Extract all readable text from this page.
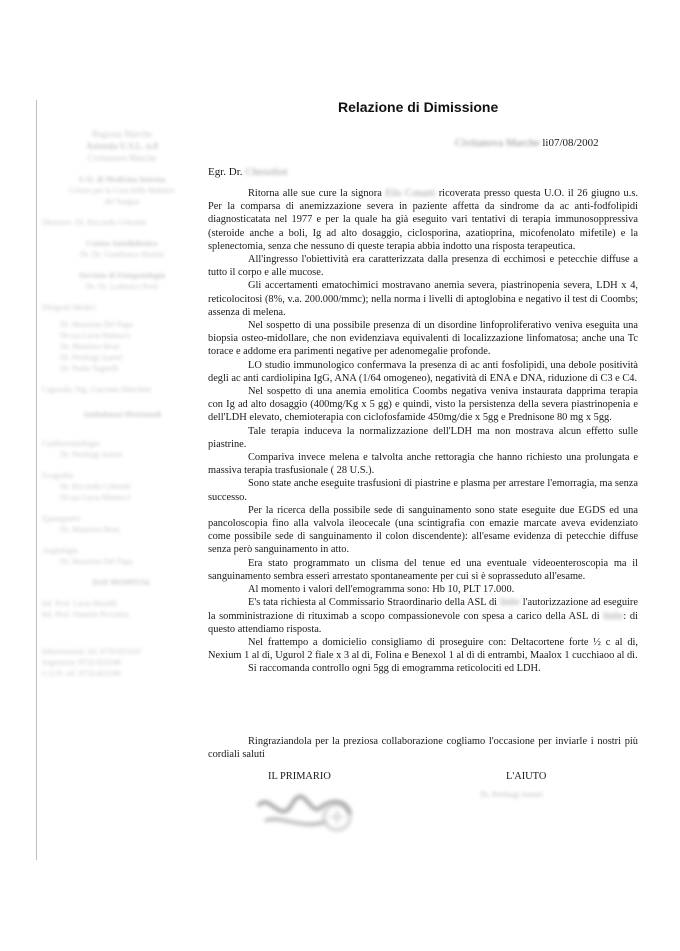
Regione Marche
Azienda U.S.L. n.8
Civitanova Marche
U.O. di Medicina Interna
Centro per la Cura delle Malattie
del Sangue
Direttore: Dr. Riccardo Ceferetti
Centro Antidiabetico
Dr. Dr. Gianfranco Bertini
Servizio di Fisiopatologia
Dr. Dr. Lodovico Porti
Dirigenti Medici
Dr. Massimo Del Papa
Dr.ssa Lucia Mattucci
Dr. Maurizio Brun
Dr. Pierluigi Aurori
Dr. Paolo Tognelli
Caposala: Sig. Giacomo Marchini
Ambulatori Divisionali
Cardioematologia
Dr. Pierluigi Aurori
Ecografia
Dr. Riccardo Ceferetti
Dr.ssa Lucia Mattucci
Epatogastro
Dr. Maurizio Brun
Angiologia
Dr. Massimo Del Papa
DAY HOSPITAL
Inf. Prof. Lucia Rinaldi
Inf. Prof. Daniela Piccinini
Informazioni: tel. 0733.823247
Segreteria: 0733.823248
C.U.P.: tel. 0733.823249
Relazione di Dimissione
Civitanova Marche li07/08/2002
Egr. Dr. Chesoliot

Ritorna alle sue cure la signora Elis Conani ricoverata presso questa U.O. il 26 giugno u.s. Per la comparsa di anemizzazione severa in paziente affetta da sindrome da ac anti-fodfolipidi diagnosticatata nel 1977 e per la quale ha già eseguito vari tentativi di terapia immunosoppressiva (steroide anche a boli, Ig ad alto dosaggio, ciclosporina, azatioprina, micofenolato mifetile) e la splenectomia, senza che nessuno di queste terapia abbia indotto una risposta terapeutica.

All'ingresso l'obiettività era caratterizzata dalla presenza di ecchimosi e petecchie diffuse a tutto il corpo e alle mucose.

Gli accertamenti ematochimici mostravano anemia severa, piastrinopenia severa, LDH x 4, reticolocitosi (8%, v.a. 200.000/mmc); nella norma i livelli di aptoglobina e negativo il test di Coombs; assenza di melena.

Nel sospetto di una possibile presenza di un disordine linfoproliferativo veniva eseguita una biopsia osteo-midollare, che non evidenziava equivalenti di localizzazione linfomatosa; anche una Tc torace e addome era parimenti negative per adenomegalie profonde.

LO studio immunologico confermava la presenza di ac anti fosfolipidi, una debole positività degli ac anti cardiolipina IgG, ANA (1/64 omogeneo), negatività di ENA e DNA, riduzione di C3 e C4.

Nel sospetto di una anemia emolitica Coombs negativa veniva instaurata dapprima terapia con Ig ad alto dosaggio (400mg/Kg x 5 gg) e quindi, visto la persistenza della severa piastrinopenia e dell'LDH elevato, chemioterapia con ciclofosfamide 450mg/die x 5gg e Prednisone 80 mg x 5gg.

Tale terapia induceva la normalizzazione dell'LDH ma non mostrava alcun effetto sulle piastrine.

Compariva invece melena e talvolta anche rettoragia che hanno richiesto una prolungata e massiva terapia trasfusionale ( 28 U.S.).

Sono state anche eseguite trasfusioni di piastrine e plasma per arrestare l'emorragia, ma senza successo.

Per la ricerca della possibile sede di sanguinamento sono state eseguite due EGDS ed una pancoloscopia fino alla valvola ileocecale (una scintigrafia con emazie marcate aveva evidenziato come possibile sede di sanguinamento il colon discendente): all'esame evidenza di petecchie diffuse senza però sanguinamento in atto.

Era stato programmato un clisma del tenue ed una eventuale videoenteroscopia ma il sanguinamento sembra esserì arrestato spontaneamente per cui si è soprasseduto all'esame.

Al momento i valori dell'emogramma sono: Hb 10, PLT 17.000.

E's tata richiesta al Commissario Straordinario della ASL di Imbr l'autorizzazione ad eseguire la somministrazione di rituximab a scopo compassionevole con spesa a carico della ASL di Imbr: di questo attendiamo risposta.

Nel frattempo a domicielio consigliamo di proseguire con: Deltacortene forte ½ c al dì, Nexium 1 al dì, Ugurol 2 fiale x 3 al dì, Folina e Benexol 1 al dì di entrambi, Maalox 1 cucchiaoo al dì.

Si raccomanda controllo ogni 5gg di emogramma reticolociti ed LDH.

Ringraziandola per la preziosa collaborazione cogliamo l'occasione per inviarle i nostri più cordiali saluti

IL PRIMARIO	L'AIUTO
Dr. Pierluigi Aurori
